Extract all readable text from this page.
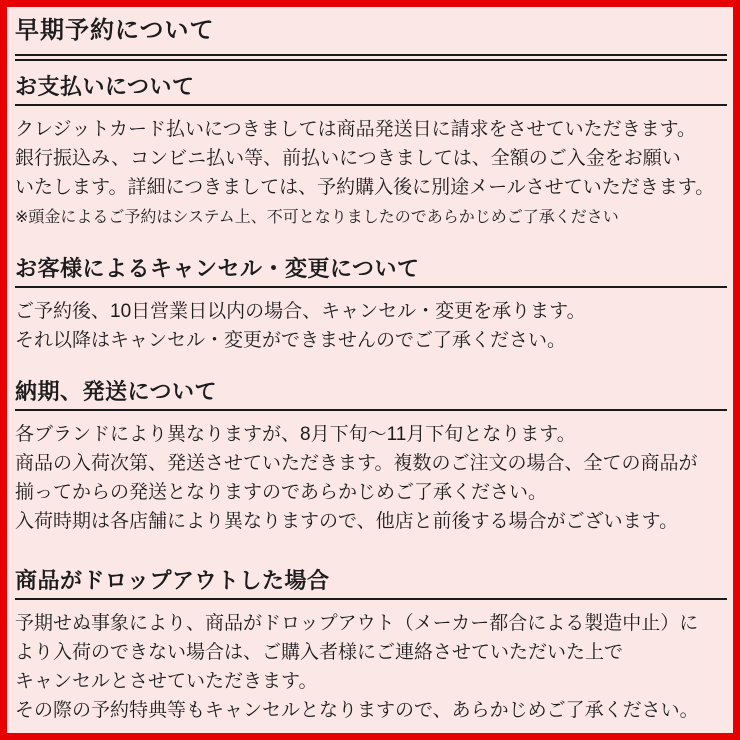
早期予約について
お支払いについて

クレジットカード払いにつきましては商品発送日に請求をさせていただきます。

銀行振込み、コンビニ払い等、前払いにつきましては、全額のご入金をお願い

いたします。詳細につきましては、予約購入後に別途メールさせていただきます。

※頭金によるご予約はシステム上、不可となりましたのであらかじめご了承ください

お客様によるキャンセル・変更について

ご予約後、10日営業日以内の場合、キャンセル・変更を承ります。

それ以降はキャンセル・変更ができませんのでご了承ください。

納期、発送について

各ブランドにより異なりますが、8月下旬～11月下旬となります。

商品の入荷次第、発送させていただきます。複数のご注文の場合、全ての商品が

揃ってからの発送となりますのであらかじめご了承ください。

入荷時期は各店舗により異なりますので、他店と前後する場合がございます。

商品がドロップアウトした場合

予期せぬ事象により、商品がドロップアウト（メーカー都合による製造中止）に

より入荷のできない場合は、ご購入者様にご連絡させていただいた上で

キャンセルとさせていただきます。

その際の予約特典等もキャンセルとなりますので、あらかじめご了承ください。
